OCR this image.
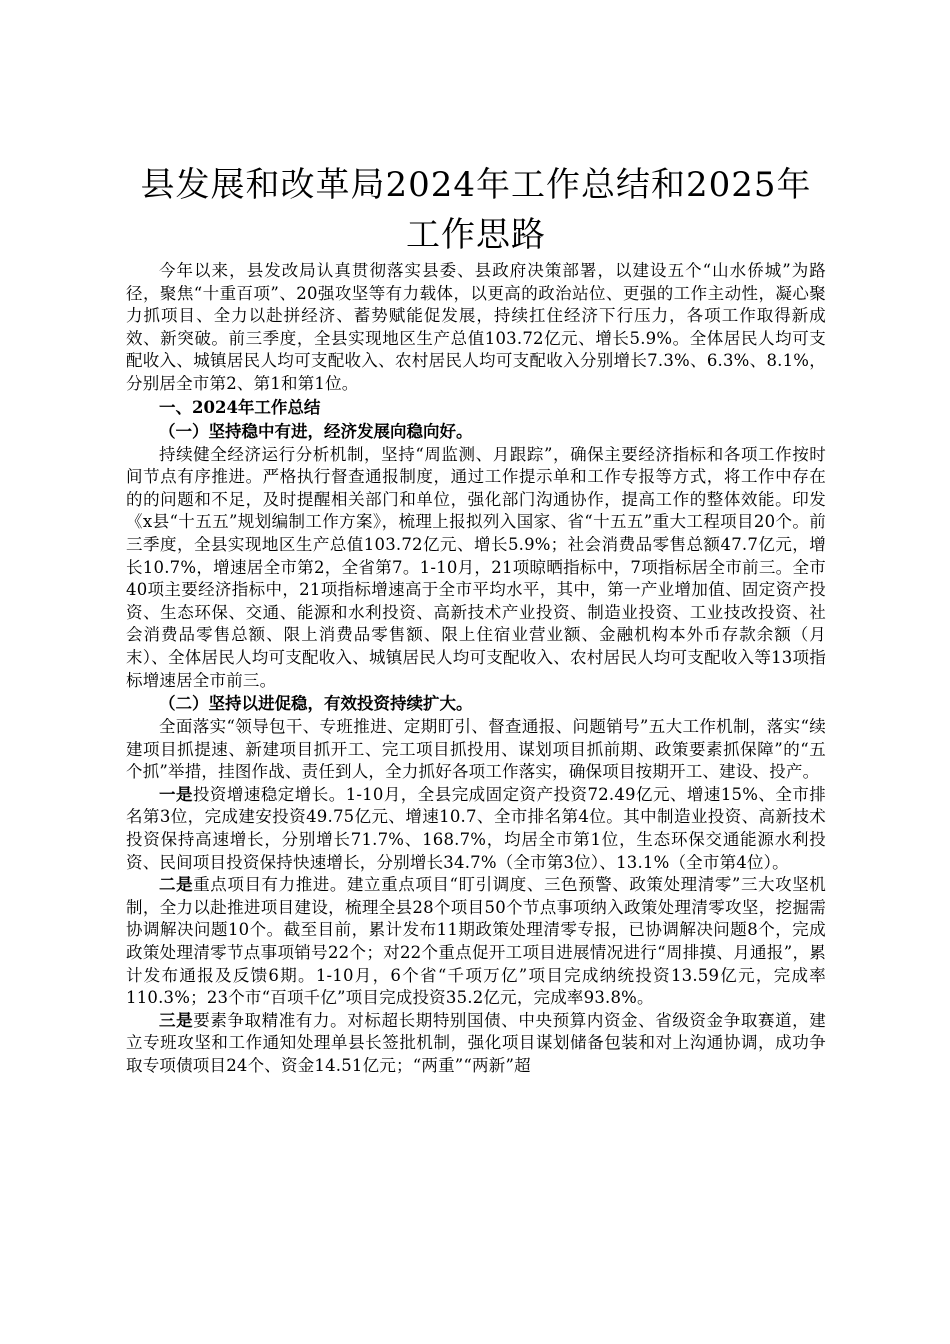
县发展和改革局2024年工作总结和2025年工作思路

今年以来，县发改局认真贯彻落实县委、县政府决策部署，以建设五个“山水侨城”为路径，聚焦“十重百项”、20强攻坚等有力载体，以更高的政治站位、更强的工作主动性，凝心聚力抓项目、全力以赴拼经济、蓄势赋能促发展，持续扛住经济下行压力，各项工作取得新成效、新突破。前三季度，全县实现地区生产总值103.72亿元、增长5.9%。全体居民人均可支配收入、城镇居民人均可支配收入、农村居民人均可支配收入分别增长7.3%、6.3%、8.1%，分别居全市第2、第1和第1位。

一、2024年工作总结

（一）坚持稳中有进，经济发展向稳向好。

持续健全经济运行分析机制，坚持“周监测、月跟踪”，确保主要经济指标和各项工作按时间节点有序推进。严格执行督查通报制度，通过工作提示单和工作专报等方式，将工作中存在的的问题和不足，及时提醒相关部门和单位，强化部门沟通协作，提高工作的整体效能。印发《x县“十五五”规划编制工作方案》，梳理上报拟列入国家、省“十五五”重大工程项目20个。前三季度，全县实现地区生产总值103.72亿元、增长5.9%；社会消费品零售总额47.7亿元，增长10.7%，增速居全市第2，全省第7。1-10月，21项晾晒指标中，7项指标居全市前三。全市40项主要经济指标中，21项指标增速高于全市平均水平，其中，第一产业增加值、固定资产投资、生态环保、交通、能源和水利投资、高新技术产业投资、制造业投资、工业技改投资、社会消费品零售总额、限上消费品零售额、限上住宿业营业额、金融机构本外币存款余额（月末）、全体居民人均可支配收入、城镇居民人均可支配收入、农村居民人均可支配收入等13项指标增速居全市前三。

（二）坚持以进促稳，有效投资持续扩大。

全面落实“领导包干、专班推进、定期盯引、督查通报、问题销号”五大工作机制，落实“续建项目抓提速、新建项目抓开工、完工项目抓投用、谋划项目抓前期、政策要素抓保障”的“五个抓”举措，挂图作战、责任到人，全力抓好各项工作落实，确保项目按期开工、建设、投产。

一是投资增速稳定增长。1-10月，全县完成固定资产投资72.49亿元、增速15%、全市排名第3位，完成建安投资49.75亿元、增速10.7、全市排名第4位。其中制造业投资、高新技术投资保持高速增长，分别增长71.7%、168.7%，均居全市第1位，生态环保交通能源水利投资、民间项目投资保持快速增长，分别增长34.7%（全市第3位）、13.1%（全市第4位）。

二是重点项目有力推进。建立重点项目“盯引调度、三色预警、政策处理清零”三大攻坚机制，全力以赴推进项目建设，梳理全县28个项目50个节点事项纳入政策处理清零攻坚，挖掘需协调解决问题10个。截至目前，累计发布11期政策处理清零专报，已协调解决问题8个，完成政策处理清零节点事项销号22个；对22个重点促开工项目进展情况进行“周排摸、月通报”，累计发布通报及反馈6期。1-10月，6个省“千项万亿”项目完成纳统投资13.59亿元，完成率110.3%；23个市“百项千亿”项目完成投资35.2亿元，完成率93.8%。

三是要素争取精准有力。对标超长期特别国债、中央预算内资金、省级资金争取赛道，建立专班攻坚和工作通知处理单县长签批机制，强化项目谋划储备包装和对上沟通协调，成功争取专项债项目24个、资金14.51亿元；“两重”“两新”超
